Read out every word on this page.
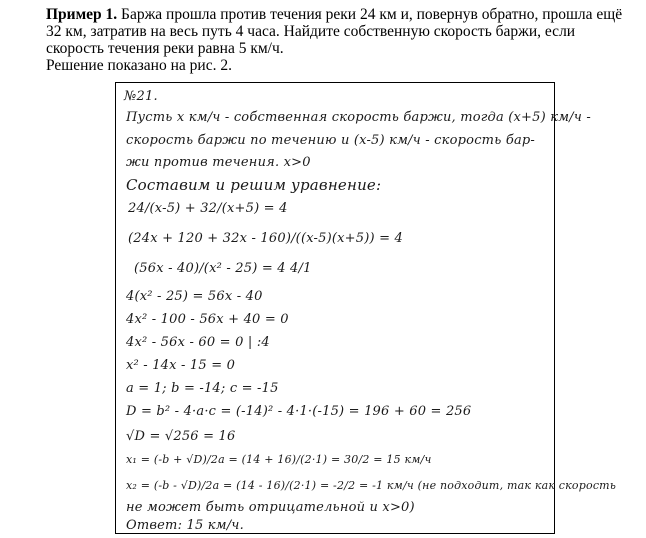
Пример 1. Баржа прошла против течения реки 24 км и, повернув обратно, прошла ещё 32 км, затратив на весь путь 4 часа. Найдите собственную скорость баржи, если скорость течения реки равна 5 км/ч.
Решение показано на рис. 2.
№21.
Пусть x км/ч - собственная скорость баржи, тогда (x+5) км/ч -
скорость баржи по течению и (x-5) км/ч - скорость бар-
жи против течения. x>0
Составим и решим уравнение:
24/(x-5) + 32/(x+5) = 4
(24x + 120 + 32x - 160)/((x-5)(x+5)) = 4
(56x - 40)/(x² - 25) = 4 4/1
4(x² - 25) = 56x - 40
4x² - 100 - 56x + 40 = 0
4x² - 56x - 60 = 0 | :4
x² - 14x - 15 = 0
a = 1; b = -14; c = -15
D = b² - 4·a·c = (-14)² - 4·1·(-15) = 196 + 60 = 256
√D = √256 = 16
x₁ = (-b + √D)/2a = (14 + 16)/(2·1) = 30/2 = 15 км/ч
x₂ = (-b - √D)/2a = (14 - 16)/(2·1) = -2/2 = -1 км/ч (не подходит, так как скорость
не может быть отрицательной и x>0)
Ответ: 15 км/ч.
